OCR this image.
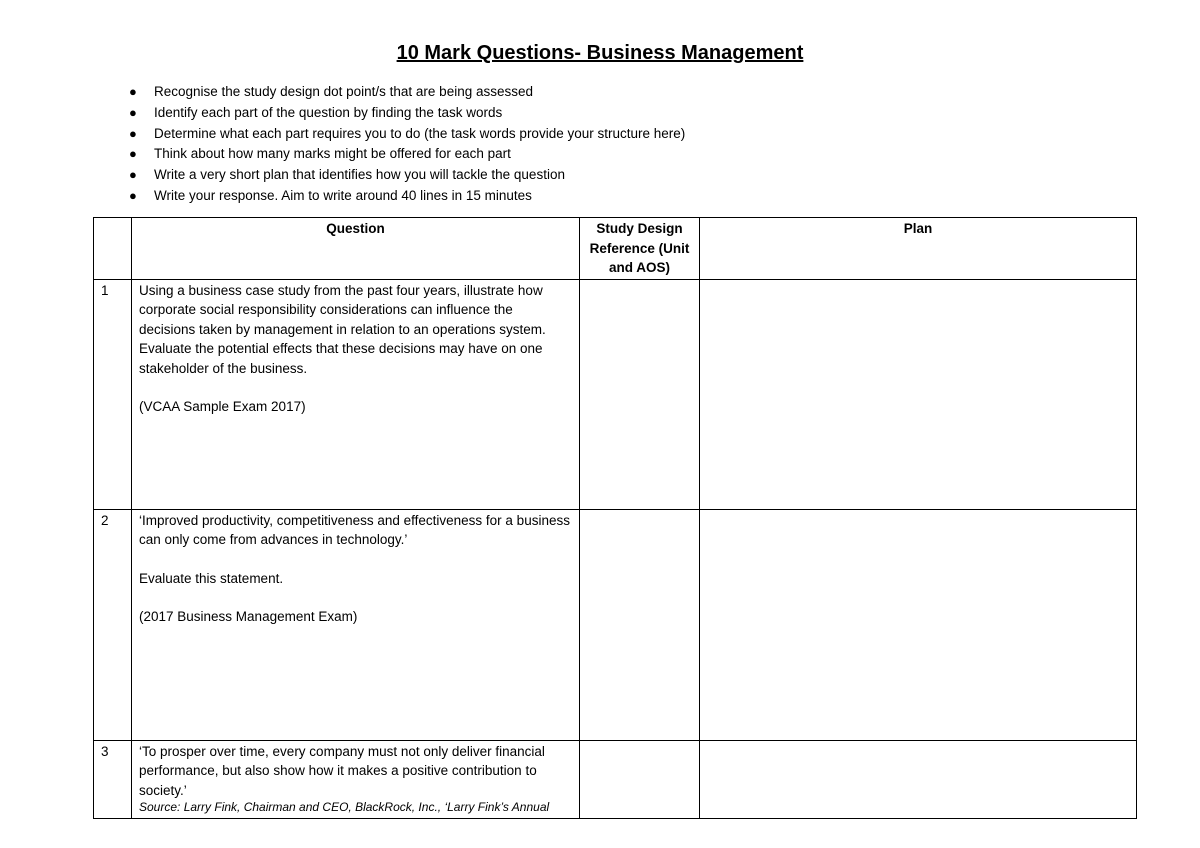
10 Mark Questions- Business Management
● Recognise the study design dot point/s that are being assessed
● Identify each part of the question by finding the task words
● Determine what each part requires you to do (the task words provide your structure here)
● Think about how many marks might be offered for each part
● Write a very short plan that identifies how you will tackle the question
● Write your response. Aim to write around 40 lines in 15 minutes
	Question	Study Design Reference (Unit and AOS)	Plan
1	Using a business case study from the past four years, illustrate how corporate social responsibility considerations can influence the decisions taken by management in relation to an operations system. Evaluate the potential effects that these decisions may have on one stakeholder of the business.

(VCAA Sample Exam 2017)		

2	‘Improved productivity, competitiveness and effectiveness for a business can only come from advances in technology.’

Evaluate this statement.

(2017 Business Management Exam)		

3	‘To prosper over time, every company must not only deliver financial performance, but also show how it makes a positive contribution to society.’

Source: Larry Fink, Chairman and CEO, BlackRock, Inc., ‘Larry Fink’s Annual		
